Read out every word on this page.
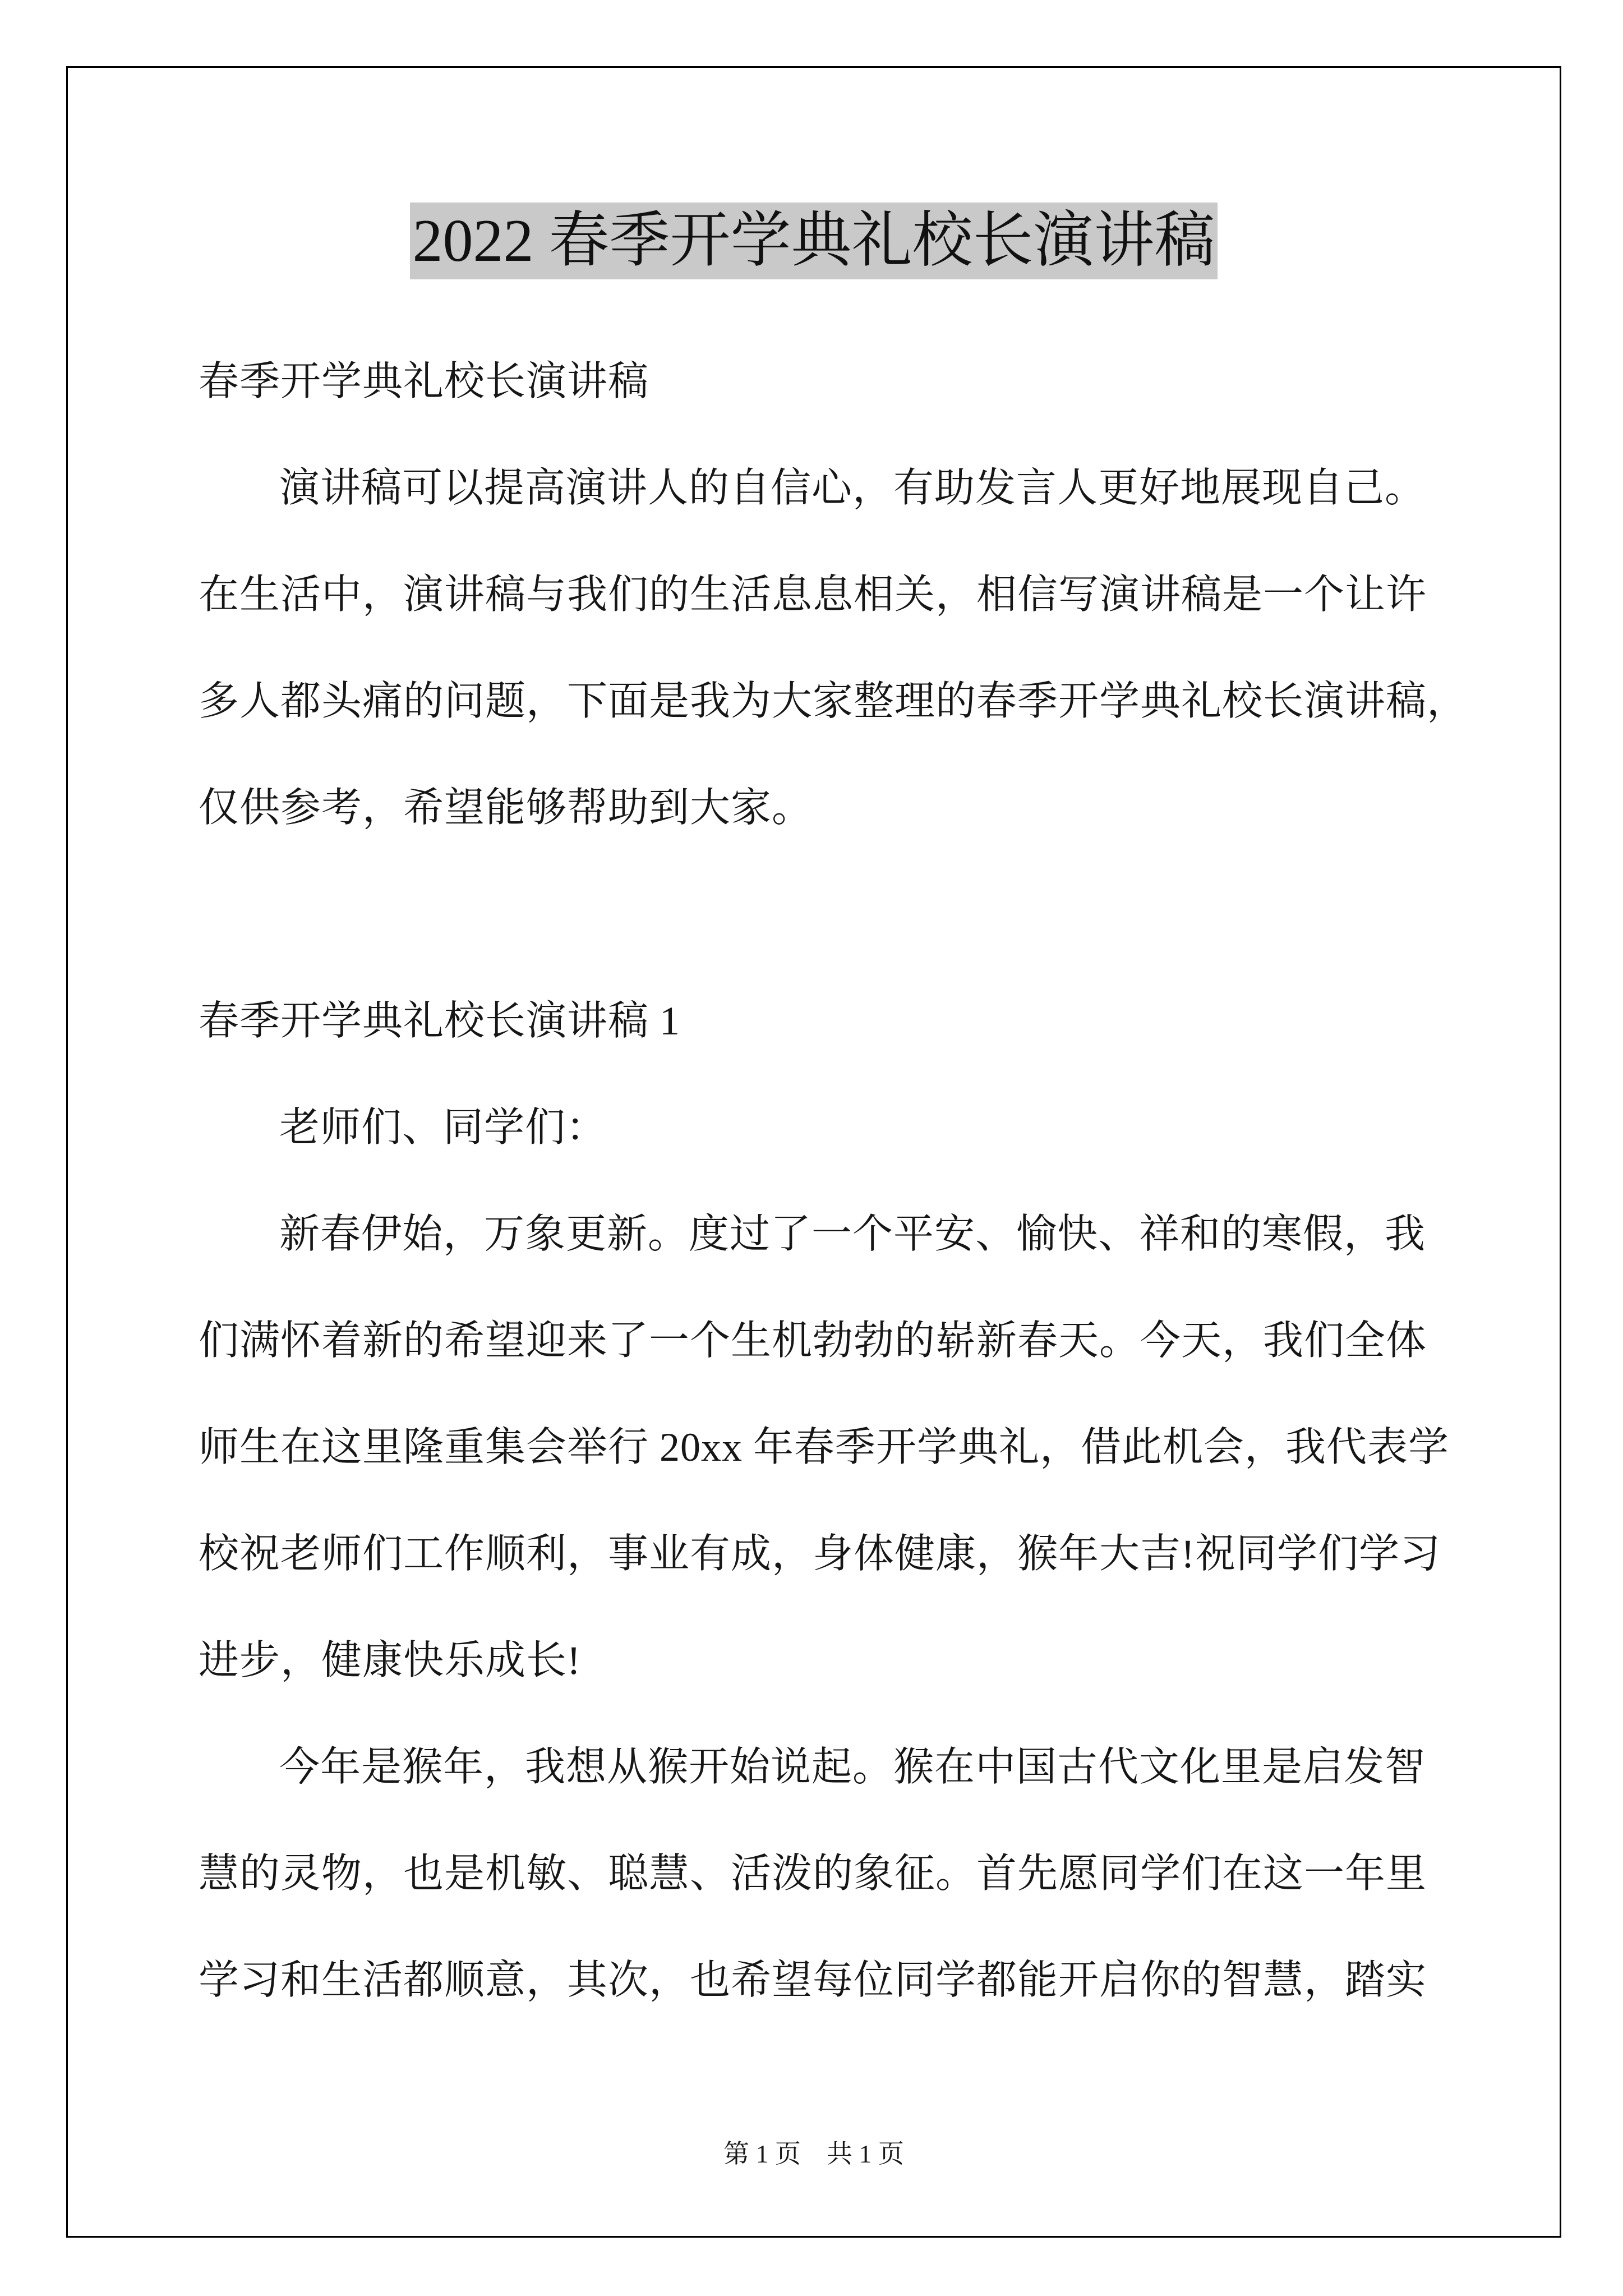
2022 春季开学典礼校长演讲稿
春季开学典礼校长演讲稿
演讲稿可以提高演讲人的自信心，有助发言人更好地展现自己。
在生活中，演讲稿与我们的生活息息相关，相信写演讲稿是一个让许
多人都头痛的问题，下面是我为大家整理的春季开学典礼校长演讲稿，
仅供参考，希望能够帮助到大家。
春季开学典礼校长演讲稿 1
老师们、同学们：
新春伊始，万象更新。度过了一个平安、愉快、祥和的寒假，我
们满怀着新的希望迎来了一个生机勃勃的崭新春天。今天，我们全体
师生在这里隆重集会举行 20xx 年春季开学典礼，借此机会，我代表学
校祝老师们工作顺利，事业有成，身体健康，猴年大吉!祝同学们学习
进步，健康快乐成长!
今年是猴年，我想从猴开始说起。猴在中国古代文化里是启发智
慧的灵物，也是机敏、聪慧、活泼的象征。首先愿同学们在这一年里
学习和生活都顺意，其次，也希望每位同学都能开启你的智慧，踏实
第 1 页　共 1 页
